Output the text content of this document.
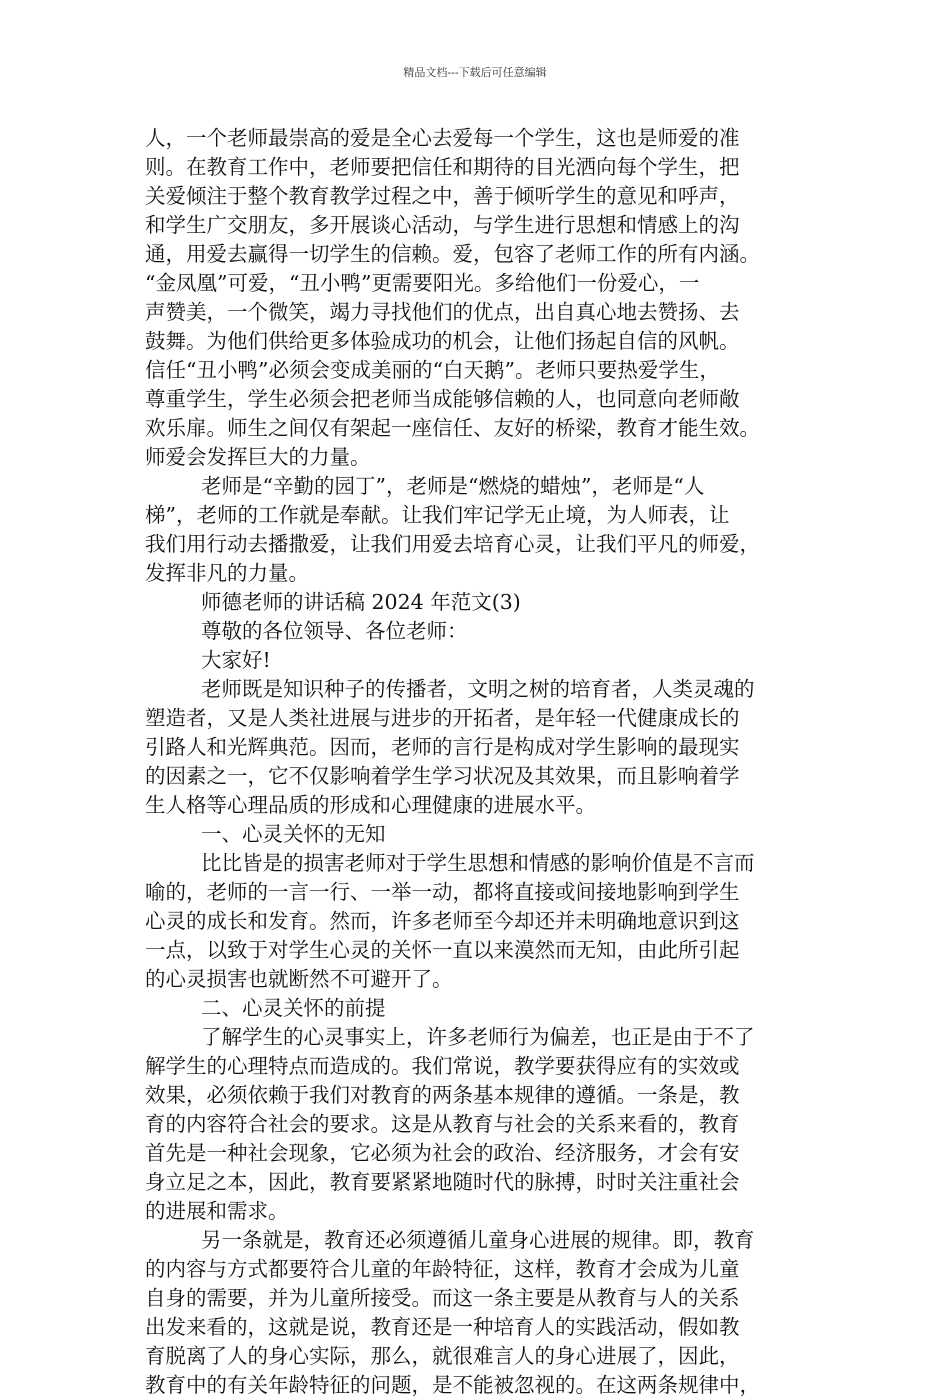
精品文档---下载后可任意编辑
人，一个老师最崇高的爱是全心去爱每一个学生，这也是师爱的准
则。在教育工作中，老师要把信任和期待的目光洒向每个学生，把
关爱倾注于整个教育教学过程之中，善于倾听学生的意见和呼声，
和学生广交朋友，多开展谈心活动，与学生进行思想和情感上的沟
通，用爱去赢得一切学生的信赖。爱，包容了老师工作的所有内涵。
“金凤凰”可爱，“丑小鸭”更需要阳光。多给他们一份爱心，一
声赞美，一个微笑，竭力寻找他们的优点，出自真心地去赞扬、去
鼓舞。为他们供给更多体验成功的机会，让他们扬起自信的风帆。
信任“丑小鸭”必须会变成美丽的“白天鹅”。老师只要热爱学生，
尊重学生，学生必须会把老师当成能够信赖的人，也同意向老师敞
欢乐扉。师生之间仅有架起一座信任、友好的桥梁，教育才能生效。
师爱会发挥巨大的力量。
老师是“辛勤的园丁”，老师是“燃烧的蜡烛”，老师是“人
梯”，老师的工作就是奉献。让我们牢记学无止境，为人师表，让
我们用行动去播撒爱，让我们用爱去培育心灵，让我们平凡的师爱，
发挥非凡的力量。
师德老师的讲话稿 2024 年范文(3)
尊敬的各位领导、各位老师：
大家好!
老师既是知识种子的传播者，文明之树的培育者，人类灵魂的
塑造者，又是人类社进展与进步的开拓者，是年轻一代健康成长的
引路人和光辉典范。因而，老师的言行是构成对学生影响的最现实
的因素之一，它不仅影响着学生学习状况及其效果，而且影响着学
生人格等心理品质的形成和心理健康的进展水平。
一、心灵关怀的无知
比比皆是的损害老师对于学生思想和情感的影响价值是不言而
喻的，老师的一言一行、一举一动，都将直接或间接地影响到学生
心灵的成长和发育。然而，许多老师至今却还并未明确地意识到这
一点，以致于对学生心灵的关怀一直以来漠然而无知，由此所引起
的心灵损害也就断然不可避开了。
二、心灵关怀的前提
了解学生的心灵事实上，许多老师行为偏差，也正是由于不了
解学生的心理特点而造成的。我们常说，教学要获得应有的实效或
效果，必须依赖于我们对教育的两条基本规律的遵循。一条是，教
育的内容符合社会的要求。这是从教育与社会的关系来看的，教育
首先是一种社会现象，它必须为社会的政治、经济服务，才会有安
身立足之本，因此，教育要紧紧地随时代的脉搏，时时关注重社会
的进展和需求。
另一条就是，教育还必须遵循儿童身心进展的规律。即，教育
的内容与方式都要符合儿童的年龄特征，这样，教育才会成为儿童
自身的需要，并为儿童所接受。而这一条主要是从教育与人的关系
出发来看的，这就是说，教育还是一种培育人的实践活动，假如教
育脱离了人的身心实际，那么，就很难言人的身心进展了，因此，
教育中的有关年龄特征的问题，是不能被忽视的。在这两条规律中，
